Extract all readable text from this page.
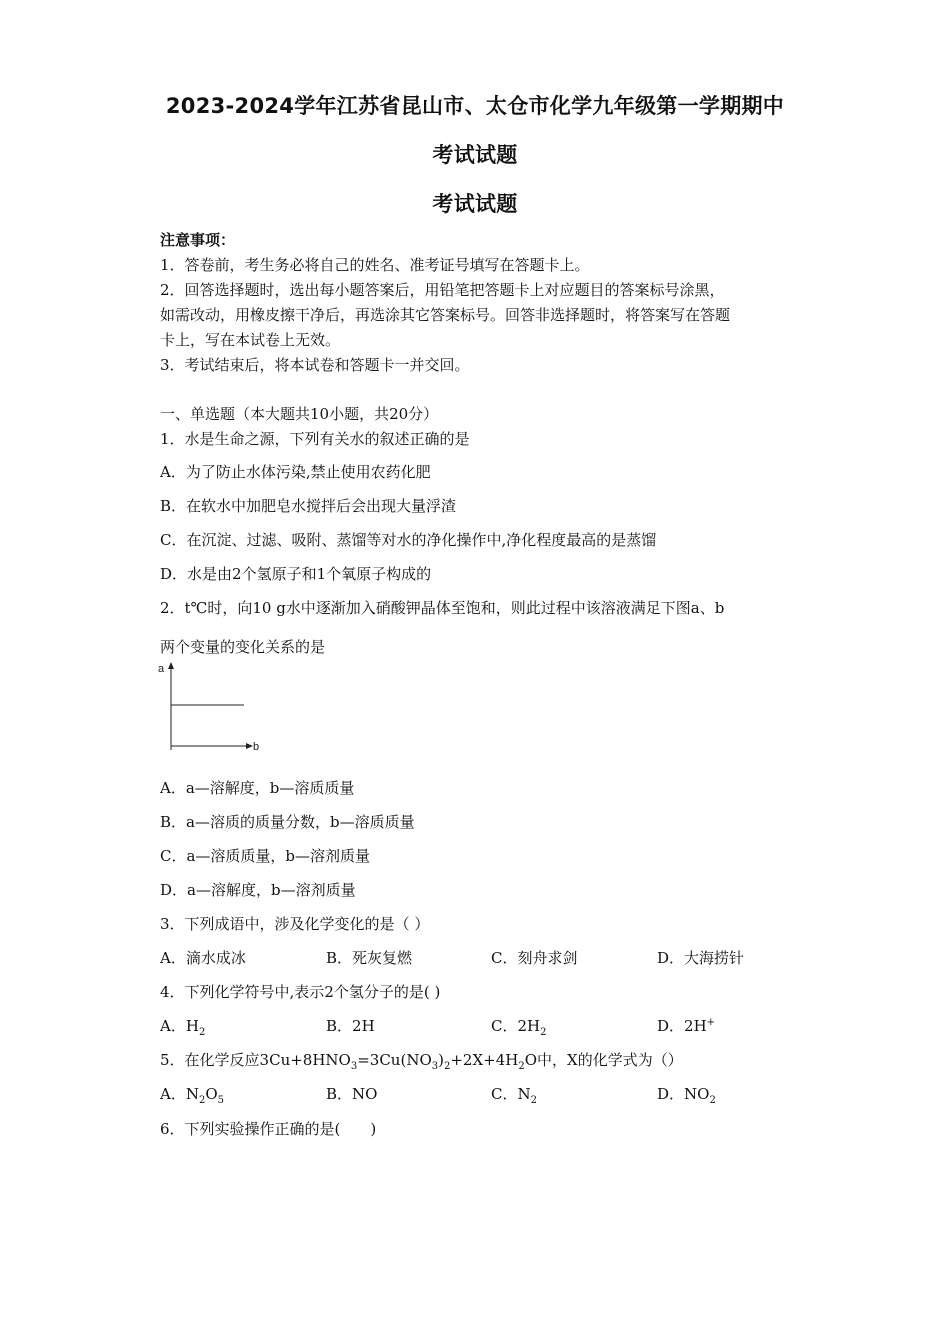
2023-2024学年江苏省昆山市、太仓市化学九年级第一学期期中
考试试题
考试试题
注意事项：
1．答卷前，考生务必将自己的姓名、准考证号填写在答题卡上。
2．回答选择题时，选出每小题答案后，用铅笔把答题卡上对应题目的答案标号涂黑，
如需改动，用橡皮擦干净后，再选涂其它答案标号。回答非选择题时，将答案写在答题
卡上，写在本试卷上无效。
3．考试结束后，将本试卷和答题卡一并交回。
一、单选题（本大题共10小题，共20分）
1．水是生命之源，下列有关水的叙述正确的是
A．为了防止水体污染,禁止使用农药化肥
B．在软水中加肥皂水搅拌后会出现大量浮渣
C．在沉淀、过滤、吸附、蒸馏等对水的净化操作中,净化程度最高的是蒸馏
D．水是由2个氢原子和1个氧原子构成的
2．t℃时，向10 g水中逐渐加入硝酸钾晶体至饱和，则此过程中该溶液满足下图a、b
两个变量的变化关系的是
a
b
A．a—溶解度，b—溶质质量
B．a—溶质的质量分数，b—溶质质量
C．a—溶质质量，b—溶剂质量
D．a—溶解度，b—溶剂质量
3．下列成语中，涉及化学变化的是（ ）
A．滴水成冰	B．死灰复燃	C．刻舟求剑	D．大海捞针
4．下列化学符号中,表示2个氢分子的是( )
A．$H_2$	B．2H	C．$2H_2$	D．2H+
5．在化学反应$3Cu+8HNO_3=3Cu(NO_3)_2+2X+4H_2O$中，X的化学式为（）
A．$N_2O_5$	B．NO	C．$N_2$	D．$NO_2$
6．下列实验操作正确的是(　　)
